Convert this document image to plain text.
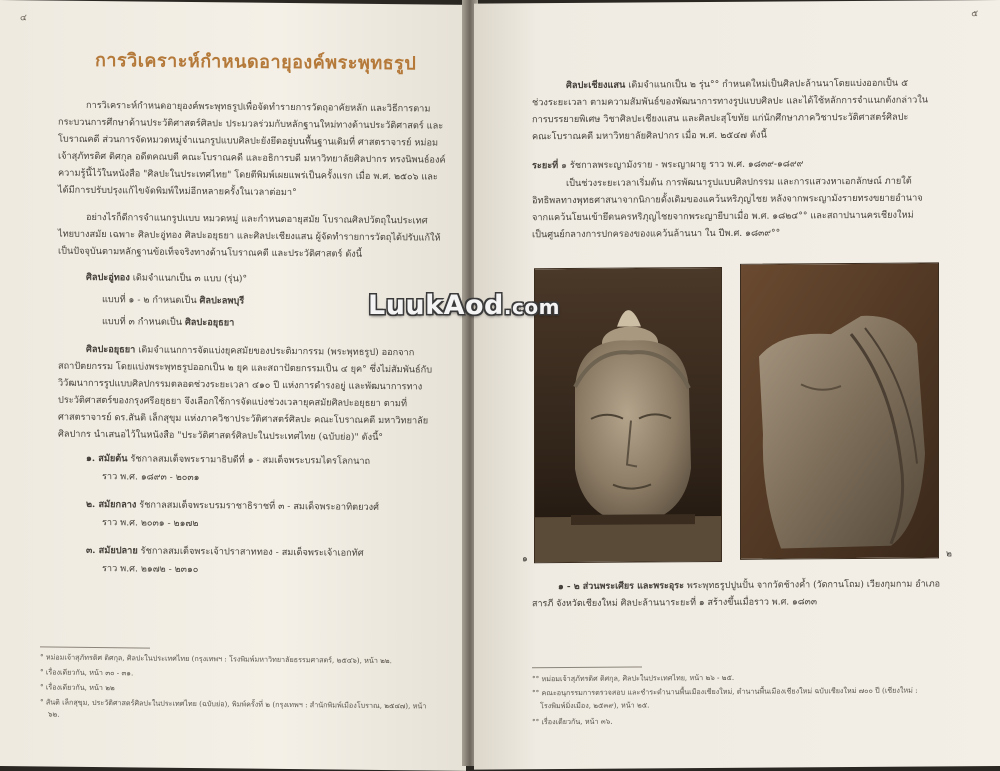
๔
การวิเคราะห์กำหนดอายุองค์พระพุทธรูป
การวิเคราะห์กำหนดอายุองค์พระพุทธรูปเพื่อจัดทำรายการวัตถุอาคัยหลัก และวิธีการตาม
กระบวนการศึกษาด้านประวัติศาสตร์ศิลปะ ประมวลร่วมกับหลักฐานใหม่ทางด้านประวัติศาสตร์ และ
โบราณคดี ส่วนการจัดหมวดหมู่จำแนกรูปแบบศิลปะยังยึดอยู่บนพื้นฐานเดิมที่ ศาสตราจารย์ หม่อม
เจ้าสุภัทรดิศ ดิศกุล อดีตคณบดี คณะโบราณคดี และอธิการบดี มหาวิทยาลัยศิลปากร ทรงนิพนธ์องค์
ความรู้นี้ไว้ในหนังสือ "ศิลปะในประเทศไทย" โดยตีพิมพ์เผยแพร่เป็นครั้งแรก เมื่อ พ.ศ. ๒๕๐๖ และ
ได้มีการปรับปรุงแก้ไขจัดพิมพ์ใหม่อีกหลายครั้งในเวลาต่อมา°
อย่างไรก็ดีการจำแนกรูปแบบ หมวดหมู่ และกำหนดอายุสมัย โบราณศิลปวัตถุในประเทศ
ไทยบางสมัย เฉพาะ ศิลปะอู่ทอง ศิลปะอยุธยา และศิลปะเชียงแสน ผู้จัดทำรายการวัตถุได้ปรับแก้ให้
เป็นปัจจุบันตามหลักฐานข้อเท็จจริงทางด้านโบราณคดี และประวัติศาสตร์ ดังนี้
ศิลปะอู่ทอง เดิมจำแนกเป็น ๓ แบบ (รุ่น)°
แบบที่ ๑ - ๒ กำหนดเป็น ศิลปะลพบุรี
แบบที่ ๓ กำหนดเป็น ศิลปะอยุธยา
ศิลปะอยุธยา เดิมจำแนกการจัดแบ่งยุคสมัยของประติมากรรม (พระพุทธรูป) ออกจาก
สถาปัตยกรรม โดยแบ่งพระพุทธรูปออกเป็น ๒ ยุค และสถาปัตยกรรมเป็น ๔ ยุค° ซึ่งไม่สัมพันธ์กับ
วิวัฒนาการรูปแบบศิลปกรรมตลอดช่วงระยะเวลา ๔๑๐ ปี แห่งการดำรงอยู่ และพัฒนาการทาง
ประวัติศาสตร์ของกรุงศรีอยุธยา จึงเลือกใช้การจัดแบ่งช่วงเวลายุคสมัยศิลปะอยุธยา ตามที่
ศาสตราจารย์ ดร.สันติ เล็กสุขุม แห่งภาควิชาประวัติศาสตร์ศิลปะ คณะโบราณคดี มหาวิทยาลัย
ศิลปากร นำเสนอไว้ในหนังสือ "ประวัติศาสตร์ศิลปะในประเทศไทย (ฉบับย่อ)" ดังนี้°
๑. สมัยต้น รัชกาลสมเด็จพระรามาธิบดีที่ ๑ - สมเด็จพระบรมไตรโลกนาถ
ราว พ.ศ. ๑๘๙๓ - ๒๐๓๑
๒. สมัยกลาง รัชกาลสมเด็จพระบรมราชาธิราชที่ ๓ - สมเด็จพระอาทิตยวงศ์
ราว พ.ศ. ๒๐๓๑ - ๒๑๗๒
๓. สมัยปลาย รัชกาลสมเด็จพระเจ้าปราสาททอง - สมเด็จพระเจ้าเอกทัศ
ราว พ.ศ. ๒๑๗๒ - ๒๓๑๐
° หม่อมเจ้าสุภัทรดิศ ดิศกุล, ศิลปะในประเทศไทย (กรุงเทพฯ : โรงพิมพ์มหาวิทยาลัยธรรมศาสตร์, ๒๕๔๖), หน้า ๒๒.
° เรื่องเดียวกัน, หน้า ๓๐ - ๓๑.
° เรื่องเดียวกัน, หน้า ๒๒
° สันติ เล็กสุขุม, ประวัติศาสตร์ศิลปะในประเทศไทย (ฉบับย่อ), พิมพ์ครั้งที่ ๒ (กรุงเทพฯ : สำนักพิมพ์เมืองโบราณ, ๒๕๔๗), หน้า
๖๒.
๕
ศิลปะเชียงแสน เดิมจำแนกเป็น ๒ รุ่น°° กำหนดใหม่เป็นศิลปะล้านนาโดยแบ่งออกเป็น ๕
ช่วงระยะเวลา ตามความสัมพันธ์ของพัฒนาการทางรูปแบบศิลปะ และได้ใช้หลักการจำแนกดังกล่าวใน
การบรรยายพิเศษ วิชาศิลปะเชียงแสน และศิลปะสุโขทัย แก่นักศึกษาภาควิชาประวัติศาสตร์ศิลปะ
คณะโบราณคดี มหาวิทยาลัยศิลปากร เมื่อ พ.ศ. ๒๕๔๗ ดังนี้
ระยะที่ ๑ รัชกาลพระญามังราย - พระญาผายู ราว พ.ศ. ๑๘๓๙-๑๘๙๙
เป็นช่วงระยะเวลาเริ่มต้น การพัฒนารูปแบบศิลปกรรม และการแสวงหาเอกลักษณ์ ภายใต้
อิทธิพลทางพุทธศาสนาจากนิกายดั้งเดิมของแคว้นหริภุญไชย หลังจากพระญามังรายทรงขยายอำนาจ
จากแคว้นโยนเข้ายึดนครหริภุญไชยจากพระญายีบาเมื่อ พ.ศ. ๑๘๒๔°° และสถาปนานครเชียงใหม่
เป็นศูนย์กลางการปกครองของแคว้นล้านนา ใน ปีพ.ศ. ๑๘๓๙°°
๑	๒
๑ - ๒ ส่วนพระเศียร และพระอุระ พระพุทธรูปปูนปั้น จากวัดช้างค้ำ (วัดกานโถม) เวียงกุมกาม อำเภอ
สารภี จังหวัดเชียงใหม่ ศิลปะล้านนาระยะที่ ๑ สร้างขึ้นเมื่อราว พ.ศ. ๑๘๓๓
°° หม่อมเจ้าสุภัทรดิศ ดิศกุล, ศิลปะในประเทศไทย, หน้า ๒๖ - ๒๕.
°° คณะอนุกรรมการตรวจสอบ และชำระตำนานพื้นเมืองเชียงใหม่, ตำนานพื้นเมืองเชียงใหม่ ฉบับเชียงใหม่ ๗๐๐ ปี (เชียงใหม่ :
โรงพิมพ์มิ่งเมือง, ๒๕๓๙), หน้า ๒๕.
°° เรื่องเดียวกัน, หน้า ๓๖.
LuukAod.com
